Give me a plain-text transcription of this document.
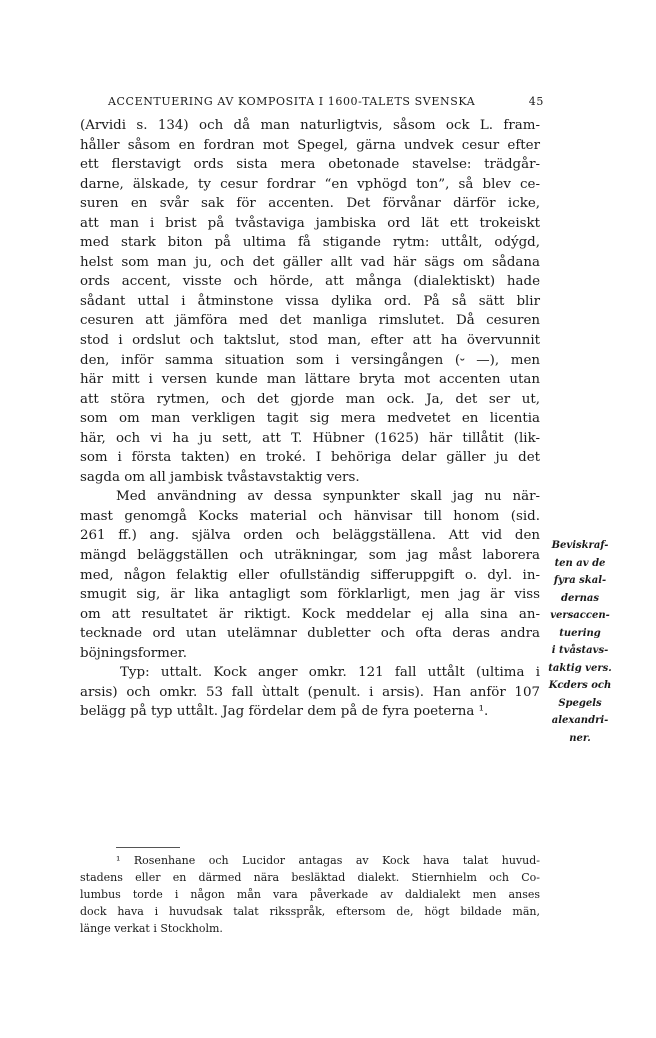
ACCENTUERING AV KOMPOSITA I 1600-TALETS SVENSKA	45
(Arvidi s. 134) och då man naturligtvis, såsom ock L. fram-
håller såsom en fordran mot Spegel, gärna undvek cesur efter
ett flerstavigt ords sista mera obetonade stavelse: trädgår-
darne, älskade, ty cesur fordrar “en vphögd ton”, så blev ce-
suren en svår sak för accenten. Det förvånar därför icke,
att man i brist på tvåstaviga jambiska ord lät ett trokeiskt
med stark biton på ultima få stigande rytm: uttålt, odýgd,
helst som man ju, och det gäller allt vad här sägs om sådana
ords accent, visste och hörde, att många (dialektiskt) hade
sådant uttal i åtminstone vissa dylika ord. På så sätt blir
cesuren att jämföra med det manliga rimslutet. Då cesuren
stod i ordslut och taktslut, stod man, efter att ha övervunnit
den, inför samma situation som i versingången (⏑ —), men
här mitt i versen kunde man lättare bryta mot accenten utan
att störa rytmen, och det gjorde man ock. Ja, det ser ut,
som om man verkligen tagit sig mera medvetet en licentia
här, och vi ha ju sett, att T. Hübner (1625) här tillåtit (lik-
som i första takten) en troké. I behöriga delar gäller ju det
sagda om all jambisk tvåstavstaktig vers.
Med användning av dessa synpunkter skall jag nu när-
mast genomgå Kocks material och hänvisar till honom (sid.
261 ff.) ang. själva orden och beläggställena. Att vid den
mängd beläggställen och uträkningar, som jag måst laborera
med, någon felaktig eller ofullständig sifferuppgift o. dyl. in-
smugit sig, är lika antagligt som förklarligt, men jag är viss
om att resultatet är riktigt. Kock meddelar ej alla sina an-
tecknade ord utan utelämnar dubletter och ofta deras andra
böjningsformer.
Typ: uttalt. Kock anger omkr. 121 fall uttålt (ultima i
arsis) och omkr. 53 fall ùttalt (penult. i arsis). Han anför 107
belägg på typ uttålt. Jag fördelar dem på de fyra poeterna ¹.
Beviskraf-
ten av de
fyra skal-
dernas
versaccen-
tuering
i tvåstavs-
taktig vers.
Kcders och
Spegels
alexandri-
ner.
¹ Rosenhane och Lucidor antagas av Kock hava talat huvud-
stadens eller en därmed nära besläktad dialekt. Stiernhielm och Co-
lumbus torde i någon mån vara påverkade av daldialekt men anses
dock hava i huvudsak talat riksspråk, eftersom de, högt bildade män,
länge verkat i Stockholm.
